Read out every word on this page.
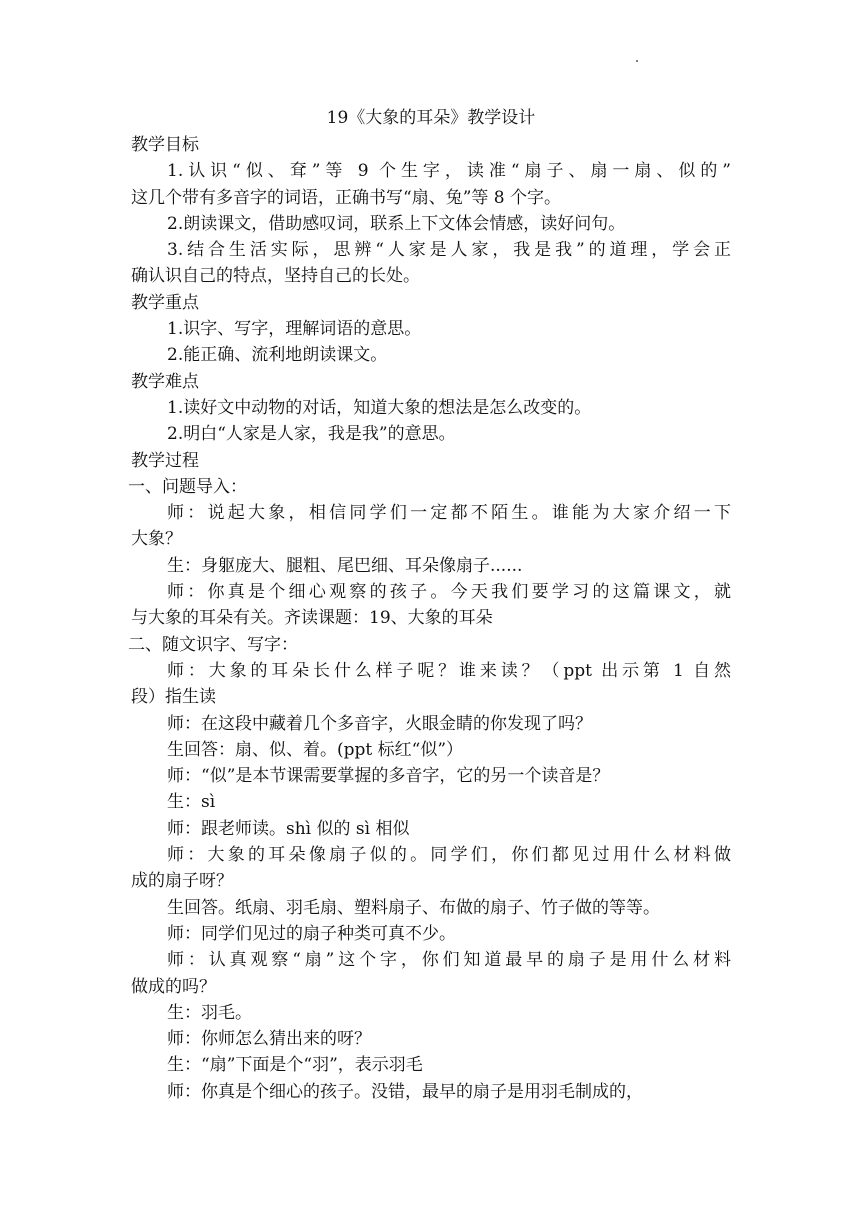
19《大象的耳朵》教学设计

教学目标

1.认识“似、耷”等 9 个生字，读准“扇子、扇一扇、似的”

这几个带有多音字的词语，正确书写“扇、兔”等 8 个字。

2.朗读课文，借助感叹词，联系上下文体会情感，读好问句。

3.结合生活实际，思辨“人家是人家，我是我”的道理，学会正

确认识自己的特点，坚持自己的长处。

教学重点

1.识字、写字，理解词语的意思。

2.能正确、流利地朗读课文。

教学难点

1.读好文中动物的对话，知道大象的想法是怎么改变的。

2.明白“人家是人家，我是我”的意思。

教学过程

一、问题导入：

师：说起大象，相信同学们一定都不陌生。谁能为大家介绍一下

大象？

生：身躯庞大、腿粗、尾巴细、耳朵像扇子......

师：你真是个细心观察的孩子。今天我们要学习的这篇课文，就

与大象的耳朵有关。齐读课题：19、大象的耳朵

二、随文识字、写字：

师：大象的耳朵长什么样子呢？谁来读？（ppt 出示第 1 自然

段）指生读

师：在这段中藏着几个多音字，火眼金睛的你发现了吗？

生回答：扇、似、着。(ppt 标红“似”）

师：“似”是本节课需要掌握的多音字，它的另一个读音是？

生：sì

师：跟老师读。shì 似的 sì 相似

师：大象的耳朵像扇子似的。同学们，你们都见过用什么材料做

成的扇子呀？

生回答。纸扇、羽毛扇、塑料扇子、布做的扇子、竹子做的等等。

师：同学们见过的扇子种类可真不少。

师：认真观察“扇”这个字，你们知道最早的扇子是用什么材料

做成的吗？

生：羽毛。

师：你师怎么猜出来的呀？

生：“扇”下面是个“羽”，表示羽毛

师：你真是个细心的孩子。没错，最早的扇子是用羽毛制成的，
